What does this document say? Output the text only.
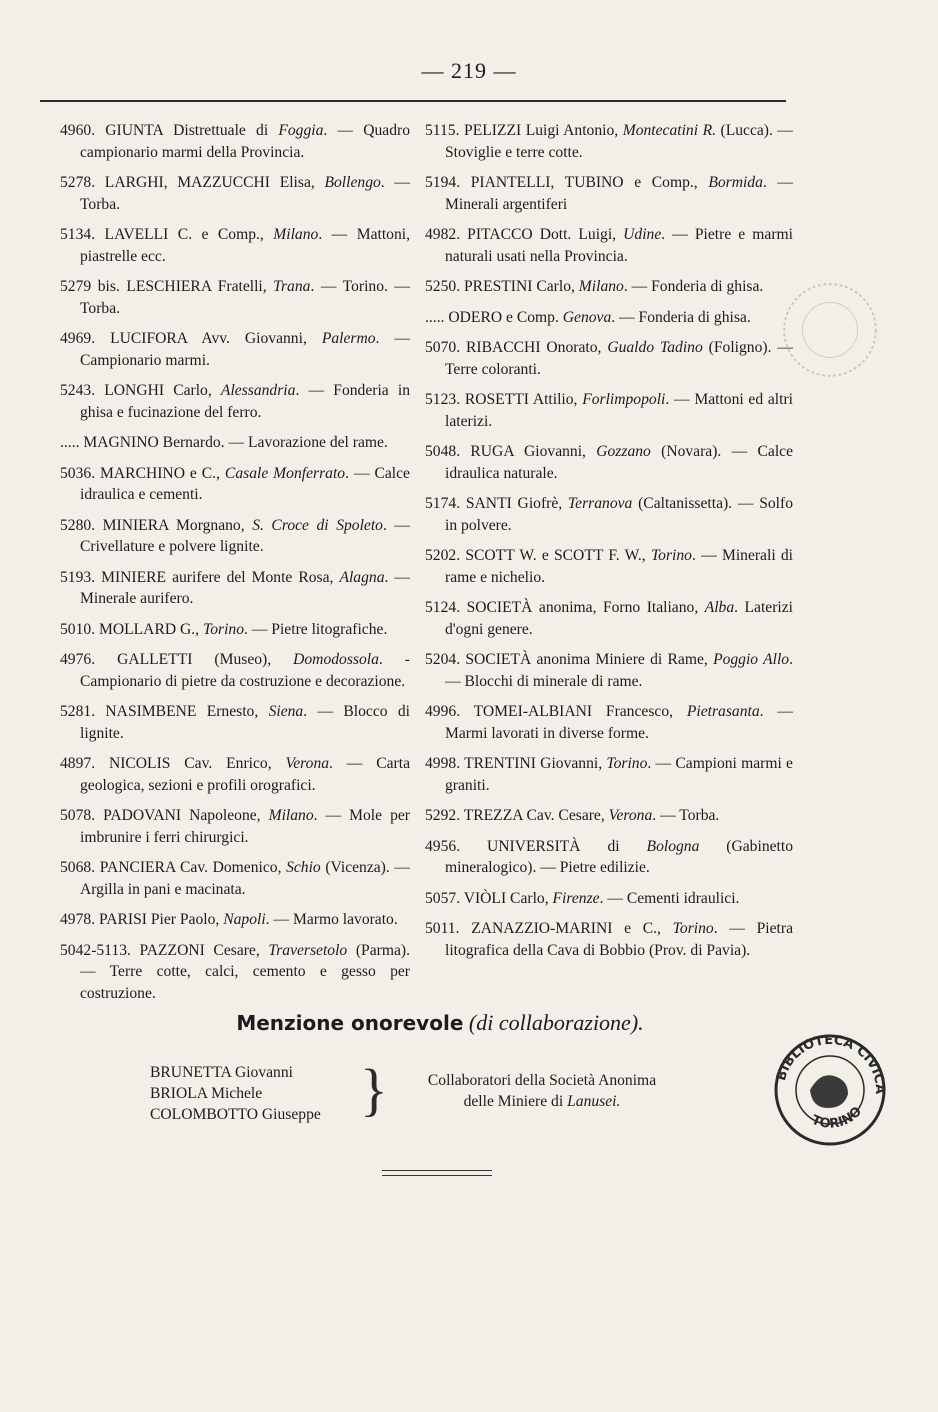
— 219 —
4960. GIUNTA Distrettuale di Foggia. — Quadro campionario marmi della Provincia.
5278. LARGHI, MAZZUCCHI Elisa, Bollengo. — Torba.
5134. LAVELLI C. e Comp., Milano. — Mattoni, piastrelle ecc.
5279 bis. LESCHIERA Fratelli, Trana. — Torino. — Torba.
4969. LUCIFORA Avv. Giovanni, Palermo. — Campionario marmi.
5243. LONGHI Carlo, Alessandria. — Fonderia in ghisa e fucinazione del ferro.
..... MAGNINO Bernardo. — Lavorazione del rame.
5036. MARCHINO e C., Casale Monferrato. — Calce idraulica e cementi.
5280. MINIERA Morgnano, S. Croce di Spoleto. — Crivellature e polvere lignite.
5193. MINIERE aurifere del Monte Rosa, Alagna. — Minerale aurifero.
5010. MOLLARD G., Torino. — Pietre litografiche.
4976. GALLETTI (Museo), Domodossola. - Campionario di pietre da costruzione e decorazione.
5281. NASIMBENE Ernesto, Siena. — Blocco di lignite.
4897. NICOLIS Cav. Enrico, Verona. — Carta geologica, sezioni e profili orografici.
5078. PADOVANI Napoleone, Milano. — Mole per imbrunire i ferri chirurgici.
5068. PANCIERA Cav. Domenico, Schio (Vicenza). — Argilla in pani e macinata.
4978. PARISI Pier Paolo, Napoli. — Marmo lavorato.
5042-5113. PAZZONI Cesare, Traversetolo (Parma). — Terre cotte, calci, cemento e gesso per costruzione.
5115. PELIZZI Luigi Antonio, Montecatini R. (Lucca). — Stoviglie e terre cotte.
5194. PIANTELLI, TUBINO e Comp., Bormida. — Minerali argentiferi
4982. PITACCO Dott. Luigi, Udine. — Pietre e marmi naturali usati nella Provincia.
5250. PRESTINI Carlo, Milano. — Fonderia di ghisa.
..... ODERO e Comp. Genova. — Fonderia di ghisa.
5070. RIBACCHI Onorato, Gualdo Tadino (Foligno). — Terre coloranti.
5123. ROSETTI Attilio, Forlimpopoli. — Mattoni ed altri laterizi.
5048. RUGA Giovanni, Gozzano (Novara). — Calce idraulica naturale.
5174. SANTI Giofrè, Terranova (Caltanissetta). — Solfo in polvere.
5202. SCOTT W. e SCOTT F. W., Torino. — Minerali di rame e nichelio.
5124. SOCIETÀ anonima, Forno Italiano, Alba. Laterizi d'ogni genere.
5204. SOCIETÀ anonima Miniere di Rame, Poggio Allo. — Blocchi di minerale di rame.
4996. TOMEI-ALBIANI Francesco, Pietrasanta. — Marmi lavorati in diverse forme.
4998. TRENTINI Giovanni, Torino. — Campioni marmi e graniti.
5292. TREZZA Cav. Cesare, Verona. — Torba.
4956. UNIVERSITÀ di Bologna (Gabinetto mineralogico). — Pietre edilizie.
5057. VIÒLI Carlo, Firenze. — Cementi idraulici.
5011. ZANAZZIO-MARINI e C., Torino. — Pietra litografica della Cava di Bobbio (Prov. di Pavia).
Menzione onorevole (di collaborazione).
BRUNETTA Giovanni
BRIOLA Michele
COLOMBOTTO Giuseppe }	Collaboratori della Società Anonima
delle Miniere di Lanusei.
BIBLIOTECA CIVICA
TORINO
